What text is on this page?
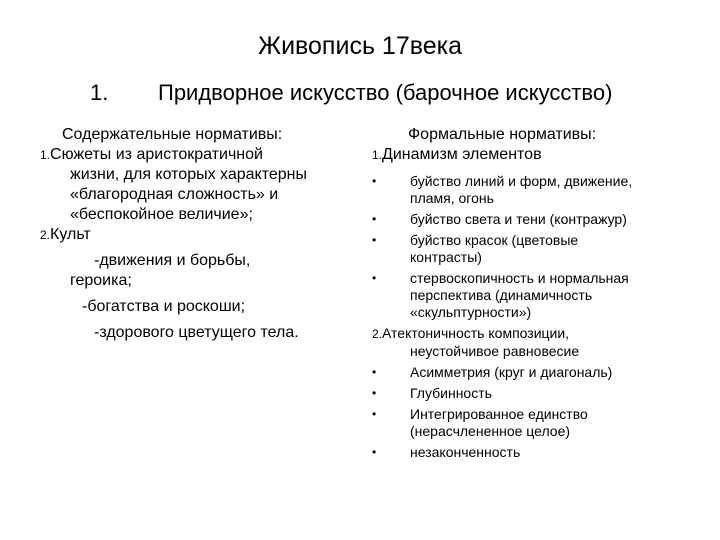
Живопись 17века
1. Придворное искусство (барочное искусство)
Содержательные нормативы:
1.Сюжеты из аристократичной
жизни, для которых характерны
«благородная сложность» и
«беспокойное величие»;
2.Культ
-движения и борьбы,
героика;
-богатства и роскоши;
-здорового цветущего тела.
Формальные нормативы:
1.Динамизм элементов
•	буйство линий и форм, движение,
пламя, огонь
•	буйство света и тени (контражур)
•	буйство красок (цветовые
контрасты)
•	стервоскопичность и нормальная
перспектива (динамичность
«скульптурности»)
2.Атектоничность композиции,
неустойчивое равновесие
•	Асимметрия (круг и диагональ)
•	Глубинность
•	Интегрированное единство
(нерасчлененное целое)
•	незаконченность
